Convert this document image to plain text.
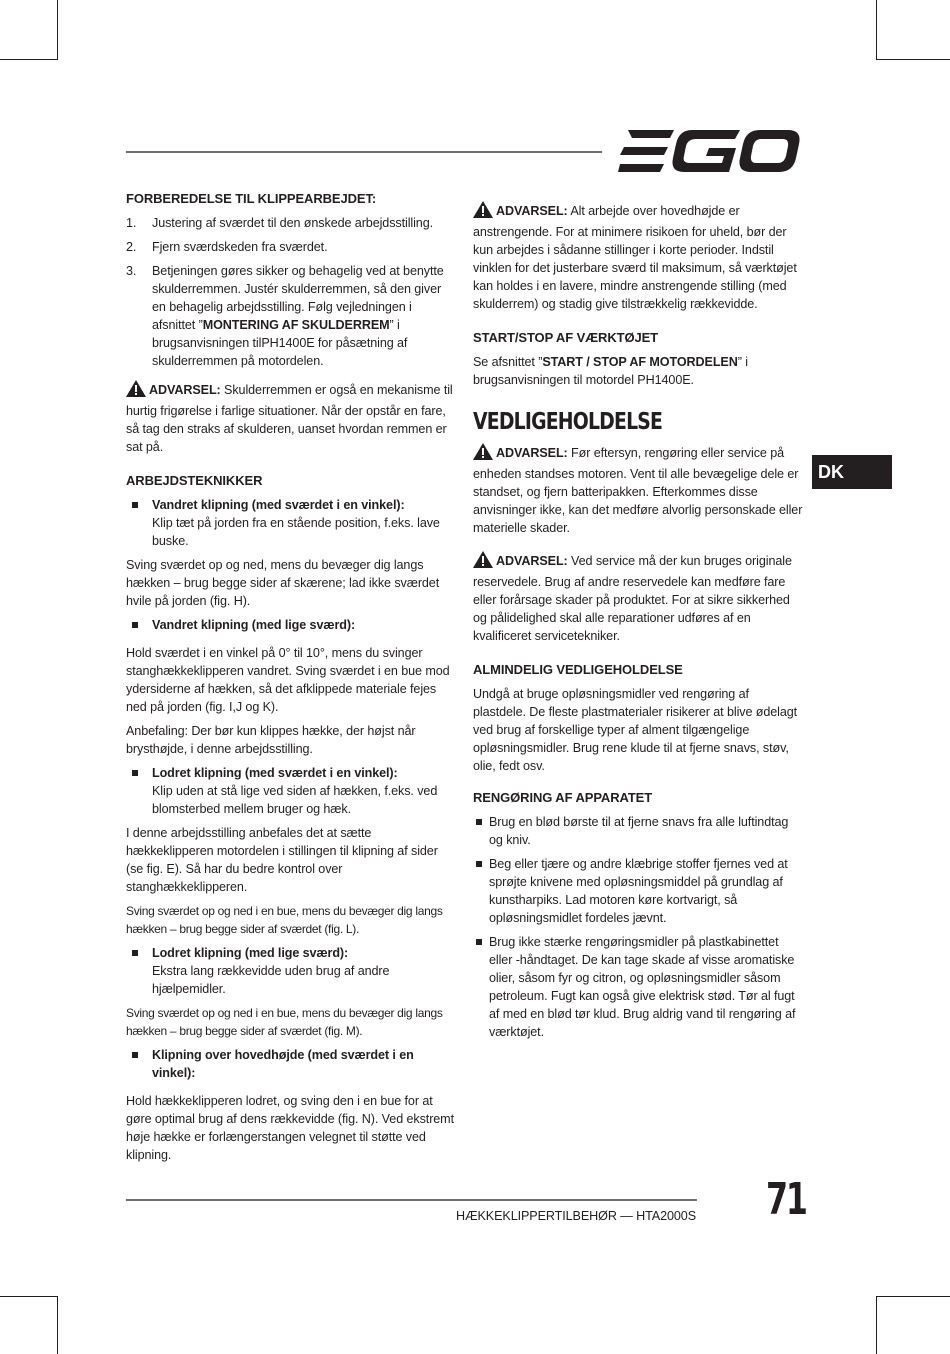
FORBEREDELSE TIL KLIPPEARBEJDET:
1. Justering af sværdet til den ønskede arbejdsstilling.
2. Fjern sværdskeden fra sværdet.
3. Betjeningen gøres sikker og behagelig ved at benytte skulderremmen. Justér skulderremmen, så den giver en behagelig arbejdsstilling. Følg vejledningen i afsnittet ”MONTERING AF SKULDERREM” i brugsanvisningen tilPH1400E for påsætning af skulderremmen på motordelen.

ADVARSEL: Skulderremmen er også en mekanisme til hurtig frigørelse i farlige situationer. Når der opstår en fare, så tag den straks af skulderen, uanset hvordan remmen er sat på.

ARBEJDSTEKNIKKER
Vandret klipning (med sværdet i en vinkel):
Klip tæt på jorden fra en stående position, f.eks. lave buske.

Sving sværdet op og ned, mens du bevæger dig langs hækken – brug begge sider af skærene; lad ikke sværdet hvile på jorden (fig. H).

Vandret klipning (med lige sværd):

Hold sværdet i en vinkel på 0° til 10°, mens du svinger stanghækkeklipperen vandret. Sving sværdet i en bue mod ydersiderne af hækken, så det afklippede materiale fejes ned på jorden (fig. I,J og K).

Anbefaling: Der bør kun klippes hække, der højst når brysthøjde, i denne arbejdsstilling.

Lodret klipning (med sværdet i en vinkel):
Klip uden at stå lige ved siden af hækken, f.eks. ved blomsterbed mellem bruger og hæk.

I denne arbejdsstilling anbefales det at sætte hækkeklipperen motordelen i stillingen til klipning af sider (se fig. E). Så har du bedre kontrol over stanghækkeklipperen.

Sving sværdet op og ned i en bue, mens du bevæger dig langs hækken – brug begge sider af sværdet (fig. L).

Lodret klipning (med lige sværd):
Ekstra lang rækkevidde uden brug af andre hjælpemidler.

Sving sværdet op og ned i en bue, mens du bevæger dig langs hækken – brug begge sider af sværdet (fig. M).

Klipning over hovedhøjde (med sværdet i en vinkel):

Hold hækkeklipperen lodret, og sving den i en bue for at gøre optimal brug af dens rækkevidde (fig. N). Ved ekstremt høje hække er forlængerstangen velegnet til støtte ved klipning.

ADVARSEL: Alt arbejde over hovedhøjde er anstrengende. For at minimere risikoen for uheld, bør der kun arbejdes i sådanne stillinger i korte perioder. Indstil vinklen for det justerbare sværd til maksimum, så værktøjet kan holdes i en lavere, mindre anstrengende stilling (med skulderrem) og stadig give tilstrækkelig rækkevidde.

START/STOP AF VÆRKTØJET

Se afsnittet ”START / STOP AF MOTORDELEN” i brugsanvisningen til motordel PH1400E.

VEDLIGEHOLDELSE

ADVARSEL: Før eftersyn, rengøring eller service på enheden standses motoren. Vent til alle bevægelige dele er standset, og fjern batteripakken. Efterkommes disse anvisninger ikke, kan det medføre alvorlig personskade eller materielle skader.

ADVARSEL: Ved service må der kun bruges originale reservedele. Brug af andre reservedele kan medføre fare eller forårsage skader på produktet. For at sikre sikkerhed og pålidelighed skal alle reparationer udføres af en kvalificeret servicetekniker.

ALMINDELIG VEDLIGEHOLDELSE

Undgå at bruge opløsningsmidler ved rengøring af plastdele. De fleste plastmaterialer risikerer at blive ødelagt ved brug af forskellige typer af alment tilgængelige opløsningsmidler. Brug rene klude til at fjerne snavs, støv, olie, fedt osv.

RENGØRING AF APPARATET
Brug en blød børste til at fjerne snavs fra alle luftindtag og kniv.
Beg eller tjære og andre klæbrige stoffer fjernes ved at sprøjte knivene med opløsningsmiddel på grundlag af kunstharpiks. Lad motoren køre kortvarigt, så opløsningsmidlet fordeles jævnt.
Brug ikke stærke rengøringsmidler på plastkabinettet eller -håndtaget. De kan tage skade af visse aromatiske olier, såsom fyr og citron, og opløsningsmidler såsom petroleum. Fugt kan også give elektrisk stød. Tør al fugt af med en blød tør klud. Brug aldrig vand til rengøring af værktøjet.
DK
HÆKKEKLIPPERTILBEHØR — HTA2000S 71
